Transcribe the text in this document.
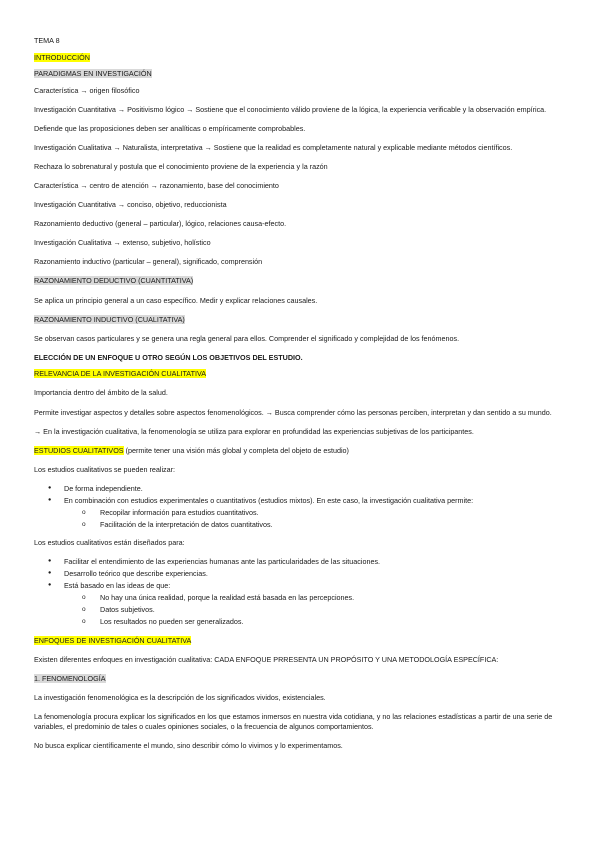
TEMA 8
INTRODUCCIÓN
PARADIGMAS EN INVESTIGACIÓN
Característica → origen filosófico
Investigación Cuantitativa → Positivismo lógico → Sostiene que el conocimiento válido proviene de la lógica, la experiencia verificable y la observación empírica.
Defiende que las proposiciones deben ser analíticas o empíricamente comprobables.
Investigación Cualitativa → Naturalista, interpretativa → Sostiene que la realidad es completamente natural y explicable mediante métodos científicos.
Rechaza lo sobrenatural y postula que el conocimiento proviene de la experiencia y la razón
Característica → centro de atención → razonamiento, base del conocimiento
Investigación Cuantitativa → conciso, objetivo, reduccionista
Razonamiento deductivo (general – particular), lógico, relaciones causa-efecto.
Investigación Cualitativa → extenso, subjetivo, holístico
Razonamiento inductivo (particular – general), significado, comprensión
RAZONAMIENTO DEDUCTIVO (CUANTITATIVA)
Se aplica un principio general a un caso específico. Medir y explicar relaciones causales.
RAZONAMIENTO INDUCTIVO (CUALITATIVA)
Se observan casos particulares y se genera una regla general para ellos. Comprender el significado y complejidad de los fenómenos.
ELECCIÓN DE UN ENFOQUE U OTRO SEGÚN LOS OBJETIVOS DEL ESTUDIO.
RELEVANCIA DE LA INVESTIGACIÓN CUALITATIVA
Importancia dentro del ámbito de la salud.
Permite investigar aspectos y detalles sobre aspectos fenomenológicos. → Busca comprender cómo las personas perciben, interpretan y dan sentido a su mundo.
→ En la investigación cualitativa, la fenomenología se utiliza para explorar en profundidad las experiencias subjetivas de los participantes.
ESTUDIOS CUALITATIVOS (permite tener una visión más global y completa del objeto de estudio)
Los estudios cualitativos se pueden realizar:
● De forma independiente.
● En combinación con estudios experimentales o cuantitativos (estudios mixtos). En este caso, la investigación cualitativa permite:
o Recopilar información para estudios cuantitativos.
o Facilitación de la interpretación de datos cuantitativos.
Los estudios cualitativos están diseñados para:
● Facilitar el entendimiento de las experiencias humanas ante las particularidades de las situaciones.
● Desarrollo teórico que describe experiencias.
● Está basado en las ideas de que:
o No hay una única realidad, porque la realidad está basada en las percepciones.
o Datos subjetivos.
o Los resultados no pueden ser generalizados.
ENFOQUES DE INVESTIGACIÓN CUALITATIVA
Existen diferentes enfoques en investigación cualitativa: CADA ENFOQUE PRRESENTA UN PROPÓSITO Y UNA METODOLOGÍA ESPECÍFICA:
1. FENOMENOLOGÍA
La investigación fenomenológica es la descripción de los significados vividos, existenciales.
La fenomenología procura explicar los significados en los que estamos inmersos en nuestra vida cotidiana, y no las relaciones estadísticas a partir de una serie de variables, el predominio de tales o cuales opiniones sociales, o la frecuencia de algunos comportamientos.
No busca explicar científicamente el mundo, sino describir cómo lo vivimos y lo experimentamos.
